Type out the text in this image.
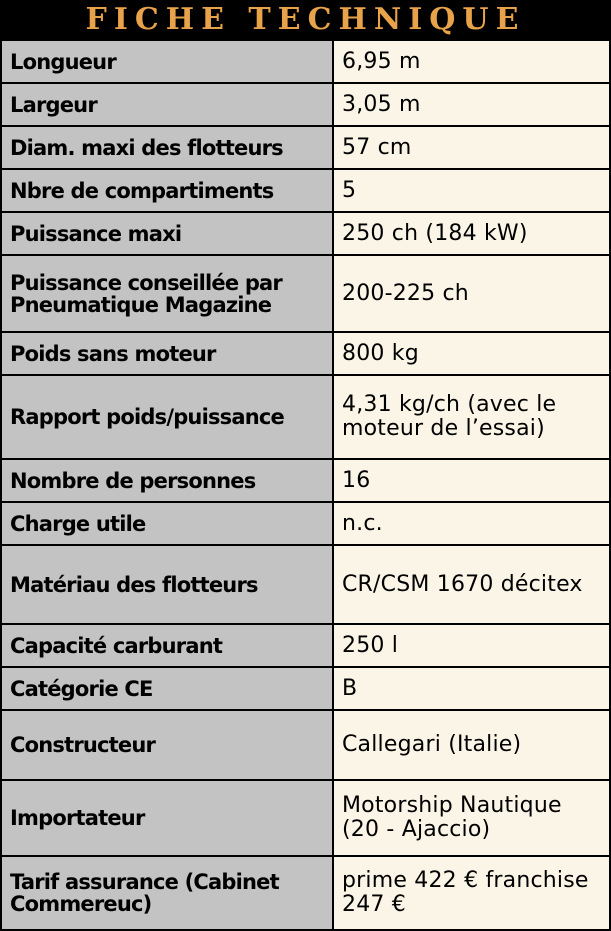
FICHE TECHNIQUE
Longueur	6,95 m
Largeur	3,05 m
Diam. maxi des flotteurs	57 cm
Nbre de compartiments	5
Puissance maxi	250 ch (184 kW)
Puissance conseillée par Pneumatique Magazine	200-225 ch
Poids sans moteur	800 kg
Rapport poids/puissance	4,31 kg/ch (avec le moteur de l’essai)
Nombre de personnes	16
Charge utile	n.c.
Matériau des flotteurs	CR/CSM 1670 décitex
Capacité carburant	250 l
Catégorie CE	B
Constructeur	Callegari (Italie)
Importateur	Motorship Nautique (20 - Ajaccio)
Tarif assurance (Cabinet Commereuc)	prime 422 € franchise 247 €
